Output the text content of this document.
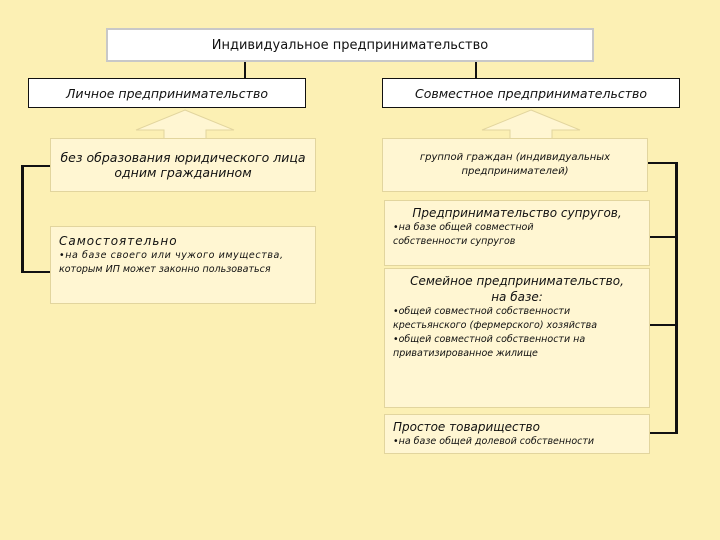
Индивидуальное предпринимательство
Личное предпринимательство	Совместное предпринимательство
без образования юридического лица
одним гражданином
группой граждан (индивидуальных
предпринимателей)
Самостоятельно
•на базе своего или чужого имущества,
которым ИП может законно пользоваться
Предпринимательство супругов,
•на базе общей совместной
собственности супругов
Семейное предпринимательство,
на базе:
•общей совместной собственности
крестьянского (фермерского) хозяйства
•общей совместной собственности на
приватизированное жилище
Простое товарищество
•на базе общей долевой собственности
